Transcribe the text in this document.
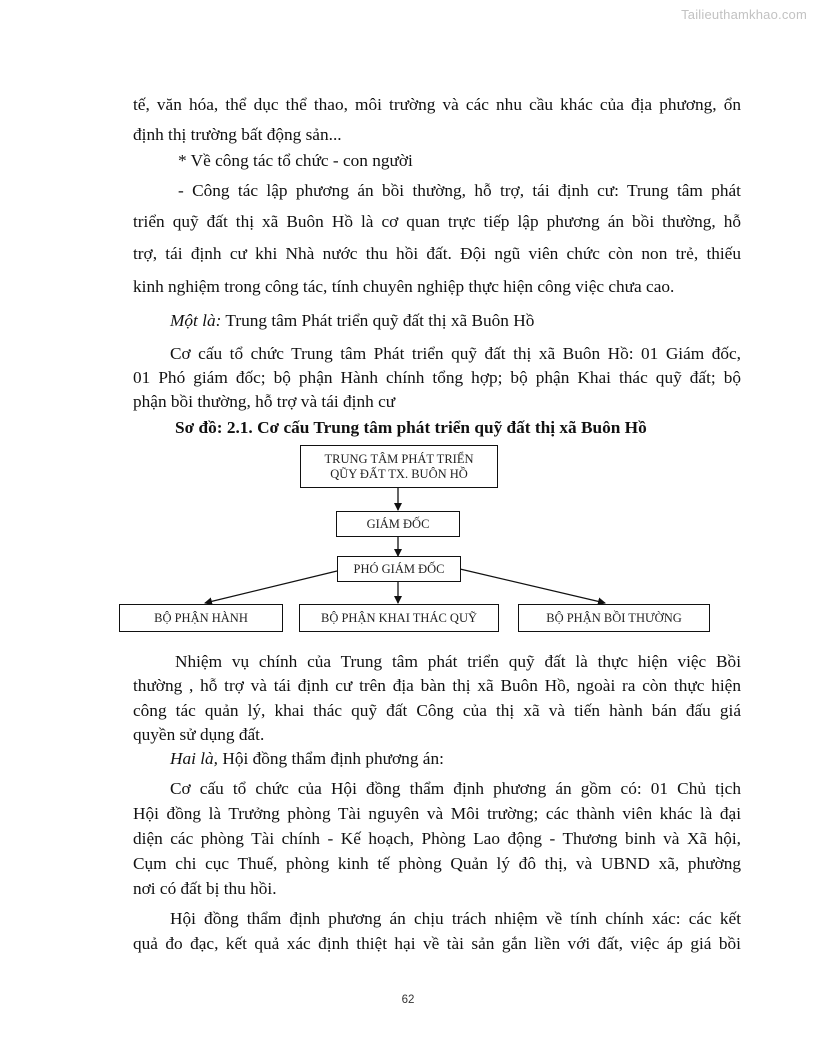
Tailieuthamkhao.com
tế, văn hóa, thể dục thể thao, môi trường và các nhu cầu khác của địa phương, ổn
định thị trường bất động sản...
* Về công tác tổ chức - con người
- Công tác lập phương án bồi thường, hỗ trợ, tái định cư: Trung tâm phát
triển quỹ đất thị xã Buôn Hồ là cơ quan trực tiếp lập phương án bồi thường, hỗ
trợ, tái định cư khi Nhà nước thu hồi đất. Đội ngũ viên chức còn non trẻ, thiếu
kinh nghiệm trong công tác, tính chuyên nghiệp thực hiện công việc chưa cao.
Một là: Trung tâm Phát triển quỹ đất thị xã Buôn Hồ
Cơ cấu tổ chức Trung tâm Phát triển quỹ đất thị xã Buôn Hồ: 01 Giám đốc,
01 Phó giám đốc; bộ phận Hành chính tổng hợp; bộ phận Khai thác quỹ đất; bộ
phận bồi thường, hỗ trợ và tái định cư
Sơ đồ: 2.1. Cơ cấu Trung tâm phát triển quỹ đất thị xã Buôn Hồ
TRUNG TÂM PHÁT TRIỂN
QŨY ĐẤT TX. BUÔN HỒ
GIÁM ĐỐC
PHÓ GIÁM ĐỐC
BỘ PHẬN HÀNH	BỘ PHẬN KHAI THÁC QUỸ	BỘ PHẬN BỒI THƯỜNG
Nhiệm vụ chính của Trung tâm phát triển quỹ đất là thực hiện việc Bồi
thường , hỗ trợ và tái định cư trên địa bàn thị xã Buôn Hồ, ngoài ra còn thực hiện
công tác quản lý, khai thác quỹ đất Công của thị xã và tiến hành bán đấu giá
quyền sử dụng đất.
Hai là, Hội đồng thẩm định phương án:
Cơ cấu tổ chức của Hội đồng thẩm định phương án gồm có: 01 Chủ tịch
Hội đồng là Trưởng phòng Tài nguyên và Môi trường; các thành viên khác là đại
diện các phòng Tài chính - Kế hoạch, Phòng Lao động - Thương binh và Xã hội,
Cụm chi cục Thuế, phòng kinh tế phòng Quản lý đô thị, và UBND xã, phường
nơi có đất bị thu hồi.
Hội đồng thẩm định phương án chịu trách nhiệm về tính chính xác: các kết
quả đo đạc, kết quả xác định thiệt hại về tài sản gắn liền với đất, việc áp giá bồi
62
